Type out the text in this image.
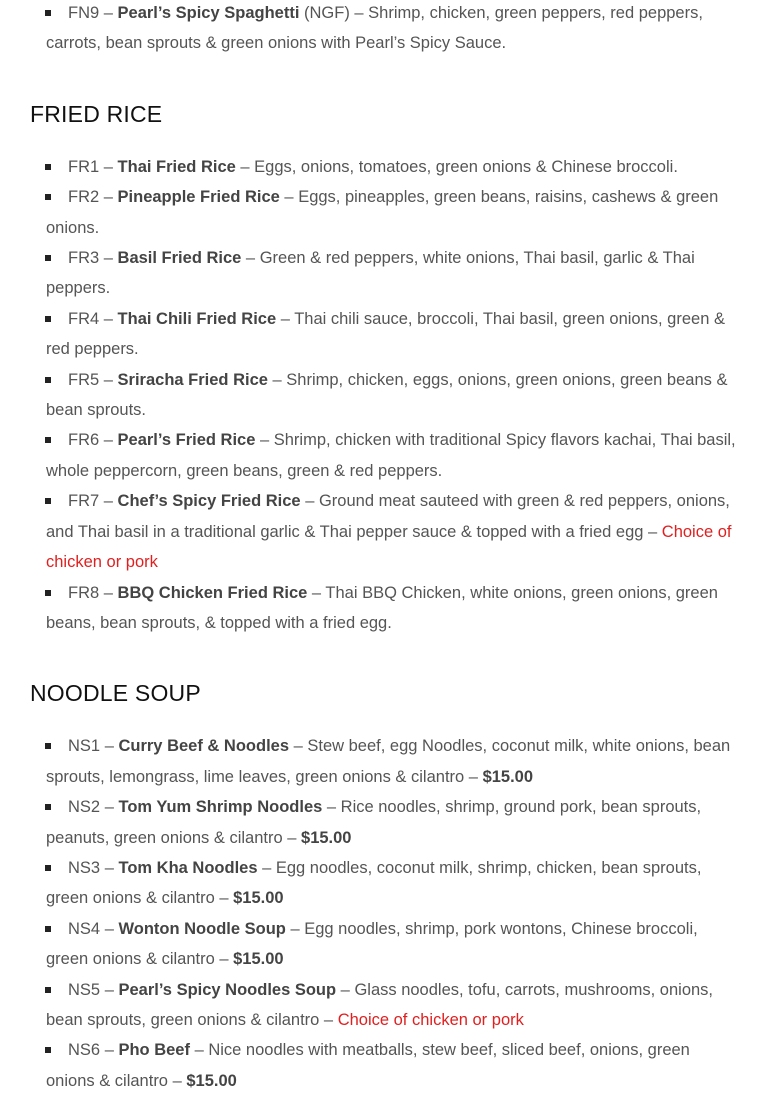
FN9 – Pearl’s Spicy Spaghetti (NGF) – Shrimp, chicken, green peppers, red peppers, carrots, bean sprouts & green onions with Pearl’s Spicy Sauce.
FRIED RICE
FR1 – Thai Fried Rice – Eggs, onions, tomatoes, green onions & Chinese broccoli.
FR2 – Pineapple Fried Rice – Eggs, pineapples, green beans, raisins, cashews & green onions.
FR3 – Basil Fried Rice – Green & red peppers, white onions, Thai basil, garlic & Thai peppers.
FR4 – Thai Chili Fried Rice – Thai chili sauce, broccoli, Thai basil, green onions, green & red peppers.
FR5 – Sriracha Fried Rice – Shrimp, chicken, eggs, onions, green onions, green beans & bean sprouts.
FR6 – Pearl’s Fried Rice – Shrimp, chicken with traditional Spicy flavors kachai, Thai basil, whole peppercorn, green beans, green & red peppers.
FR7 – Chef’s Spicy Fried Rice – Ground meat sauteed with green & red peppers, onions, and Thai basil in a traditional garlic & Thai pepper sauce & topped with a fried egg – Choice of chicken or pork
FR8 – BBQ Chicken Fried Rice – Thai BBQ Chicken, white onions, green onions, green beans, bean sprouts, & topped with a fried egg.
NOODLE SOUP
NS1 – Curry Beef & Noodles – Stew beef, egg Noodles, coconut milk, white onions, bean sprouts, lemongrass, lime leaves, green onions & cilantro – $15.00
NS2 – Tom Yum Shrimp Noodles – Rice noodles, shrimp, ground pork, bean sprouts, peanuts, green onions & cilantro – $15.00
NS3 – Tom Kha Noodles – Egg noodles, coconut milk, shrimp, chicken, bean sprouts, green onions & cilantro – $15.00
NS4 – Wonton Noodle Soup – Egg noodles, shrimp, pork wontons, Chinese broccoli, green onions & cilantro – $15.00
NS5 – Pearl’s Spicy Noodles Soup – Glass noodles, tofu, carrots, mushrooms, onions, bean sprouts, green onions & cilantro – Choice of chicken or pork
NS6 – Pho Beef – Nice noodles with meatballs, stew beef, sliced beef, onions, green onions & cilantro – $15.00
